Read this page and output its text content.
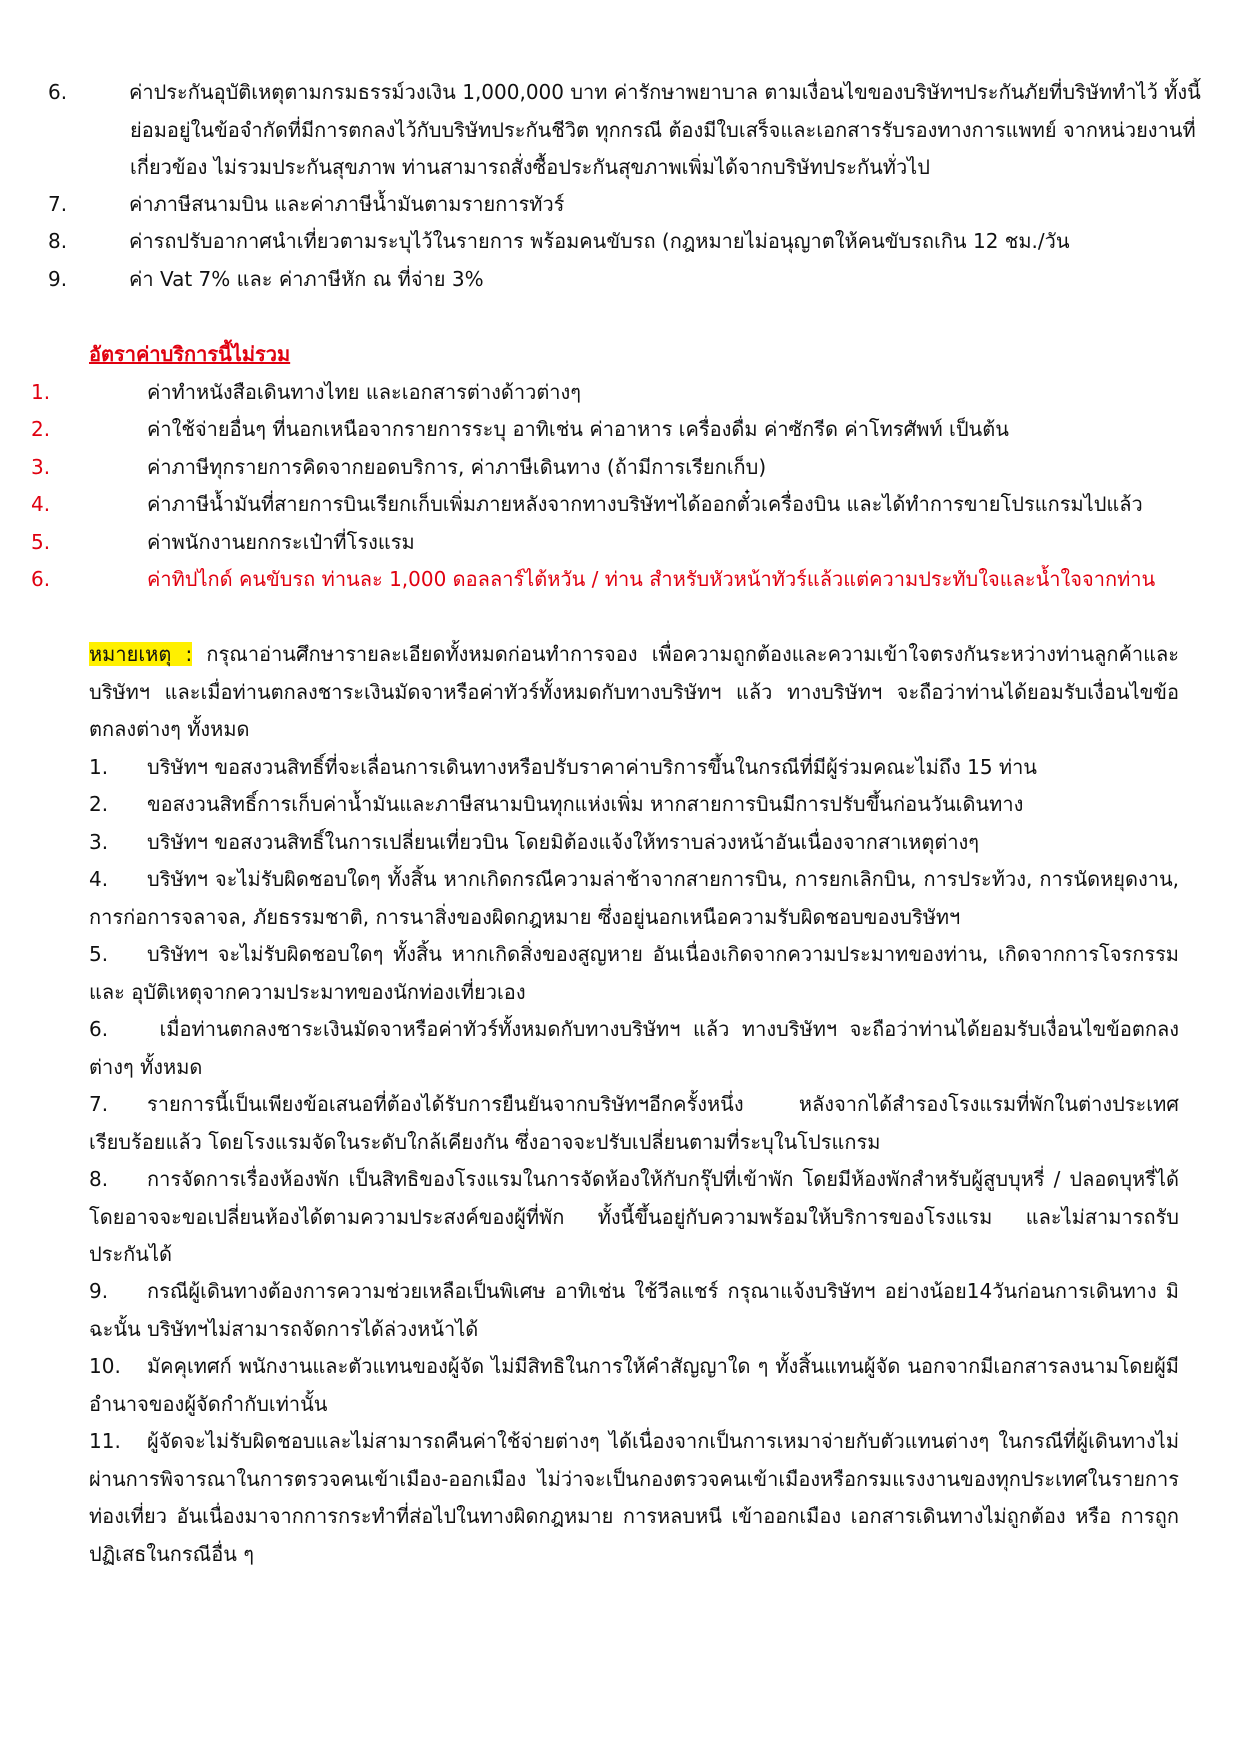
6.	ค่าประกันอุบัติเหตุตามกรมธรรม์วงเงิน 1,000,000 บาท ค่ารักษาพยาบาล ตามเงื่อนไขของบริษัทฯประกันภัยที่บริษัททำไว้ ทั้งนี้ย่อมอยู่ในข้อจำกัดที่มีการตกลงไว้กับบริษัทประกันชีวิต ทุกกรณี ต้องมีใบเสร็จและเอกสารรับรองทางการแพทย์ จากหน่วยงานที่เกี่ยวข้อง ไม่รวมประกันสุขภาพ ท่านสามารถสั่งซื้อประกันสุขภาพเพิ่มได้จากบริษัทประกันทั่วไป
7.	ค่าภาษีสนามบิน และค่าภาษีน้ำมันตามรายการทัวร์
8.	ค่ารถปรับอากาศนำเที่ยวตามระบุไว้ในรายการ พร้อมคนขับรถ (กฎหมายไม่อนุญาตให้คนขับรถเกิน 12 ชม./วัน
9.	ค่า Vat 7% และ ค่าภาษีหัก ณ ที่จ่าย 3%
อัตราค่าบริการนี้ไม่รวม
1.	ค่าทำหนังสือเดินทางไทย และเอกสารต่างด้าวต่างๆ
2.	ค่าใช้จ่ายอื่นๆ ที่นอกเหนือจากรายการระบุ อาทิเช่น ค่าอาหาร เครื่องดื่ม ค่าซักรีด ค่าโทรศัพท์ เป็นต้น
3.	ค่าภาษีทุกรายการคิดจากยอดบริการ, ค่าภาษีเดินทาง (ถ้ามีการเรียกเก็บ)
4.	ค่าภาษีน้ำมันที่สายการบินเรียกเก็บเพิ่มภายหลังจากทางบริษัทฯได้ออกตั๋วเครื่องบิน และได้ทำการขายโปรแกรมไปแล้ว
5.	ค่าพนักงานยกกระเป๋าที่โรงแรม
6.	ค่าทิปไกด์ คนขับรถ ท่านละ 1,000 ดอลลาร์ไต้หวัน / ท่าน สำหรับหัวหน้าทัวร์แล้วแต่ความประทับใจและน้ำใจจากท่าน
หมายเหตุ : กรุณาอ่านศึกษารายละเอียดทั้งหมดก่อนทำการจอง เพื่อความถูกต้องและความเข้าใจตรงกันระหว่างท่านลูกค้าและบริษัทฯ และเมื่อท่านตกลงชาระเงินมัดจาหรือค่าทัวร์ทั้งหมดกับทางบริษัทฯ แล้ว ทางบริษัทฯ จะถือว่าท่านได้ยอมรับเงื่อนไขข้อตกลงต่างๆ ทั้งหมด
1. บริษัทฯ ขอสงวนสิทธิ์ที่จะเลื่อนการเดินทางหรือปรับราคาค่าบริการขึ้นในกรณีที่มีผู้ร่วมคณะไม่ถึง 15 ท่าน
2. ขอสงวนสิทธิ์การเก็บค่าน้ำมันและภาษีสนามบินทุกแห่งเพิ่ม หากสายการบินมีการปรับขึ้นก่อนวันเดินทาง
3. บริษัทฯ ขอสงวนสิทธิ์ในการเปลี่ยนเที่ยวบิน โดยมิต้องแจ้งให้ทราบล่วงหน้าอันเนื่องจากสาเหตุต่างๆ
4. บริษัทฯ จะไม่รับผิดชอบใดๆ ทั้งสิ้น หากเกิดกรณีความล่าช้าจากสายการบิน, การยกเลิกบิน, การประท้วง, การนัดหยุดงาน, การก่อการจลาจล, ภัยธรรมชาติ, การนาสิ่งของผิดกฎหมาย ซึ่งอยู่นอกเหนือความรับผิดชอบของบริษัทฯ
5. บริษัทฯ จะไม่รับผิดชอบใดๆ ทั้งสิ้น หากเกิดสิ่งของสูญหาย อันเนื่องเกิดจากความประมาทของท่าน, เกิดจากการโจรกรรม และ อุบัติเหตุจากความประมาทของนักท่องเที่ยวเอง
6. เมื่อท่านตกลงชาระเงินมัดจาหรือค่าทัวร์ทั้งหมดกับทางบริษัทฯ แล้ว ทางบริษัทฯ จะถือว่าท่านได้ยอมรับเงื่อนไขข้อตกลงต่างๆ ทั้งหมด
7. รายการนี้เป็นเพียงข้อเสนอที่ต้องได้รับการยืนยันจากบริษัทฯอีกครั้งหนึ่ง หลังจากได้สำรองโรงแรมที่พักในต่างประเทศเรียบร้อยแล้ว โดยโรงแรมจัดในระดับใกล้เคียงกัน ซึ่งอาจจะปรับเปลี่ยนตามที่ระบุในโปรแกรม
8. การจัดการเรื่องห้องพัก เป็นสิทธิของโรงแรมในการจัดห้องให้กับกรุ๊ปที่เข้าพัก โดยมีห้องพักสำหรับผู้สูบบุหรี่ / ปลอดบุหรี่ได้ โดยอาจจะขอเปลี่ยนห้องได้ตามความประสงค์ของผู้ที่พัก ทั้งนี้ขึ้นอยู่กับความพร้อมให้บริการของโรงแรม และไม่สามารถรับประกันได้
9. กรณีผู้เดินทางต้องการความช่วยเหลือเป็นพิเศษ อาทิเช่น ใช้วีลแชร์ กรุณาแจ้งบริษัทฯ อย่างน้อย14วันก่อนการเดินทาง มิฉะนั้น บริษัทฯไม่สามารถจัดการได้ล่วงหน้าได้
10. มัคคุเทศก์ พนักงานและตัวแทนของผู้จัด ไม่มีสิทธิในการให้คำสัญญาใด ๆ ทั้งสิ้นแทนผู้จัด นอกจากมีเอกสารลงนามโดยผู้มีอำนาจของผู้จัดกำกับเท่านั้น
11. ผู้จัดจะไม่รับผิดชอบและไม่สามารถคืนค่าใช้จ่ายต่างๆ ได้เนื่องจากเป็นการเหมาจ่ายกับตัวแทนต่างๆ ในกรณีที่ผู้เดินทางไม่ผ่านการพิจารณาในการตรวจคนเข้าเมือง-ออกเมือง ไม่ว่าจะเป็นกองตรวจคนเข้าเมืองหรือกรมแรงงานของทุกประเทศในรายการท่องเที่ยว อันเนื่องมาจากการกระทำที่ส่อไปในทางผิดกฎหมาย การหลบหนี เข้าออกเมือง เอกสารเดินทางไม่ถูกต้อง หรือ การถูกปฏิเสธในกรณีอื่น ๆ
